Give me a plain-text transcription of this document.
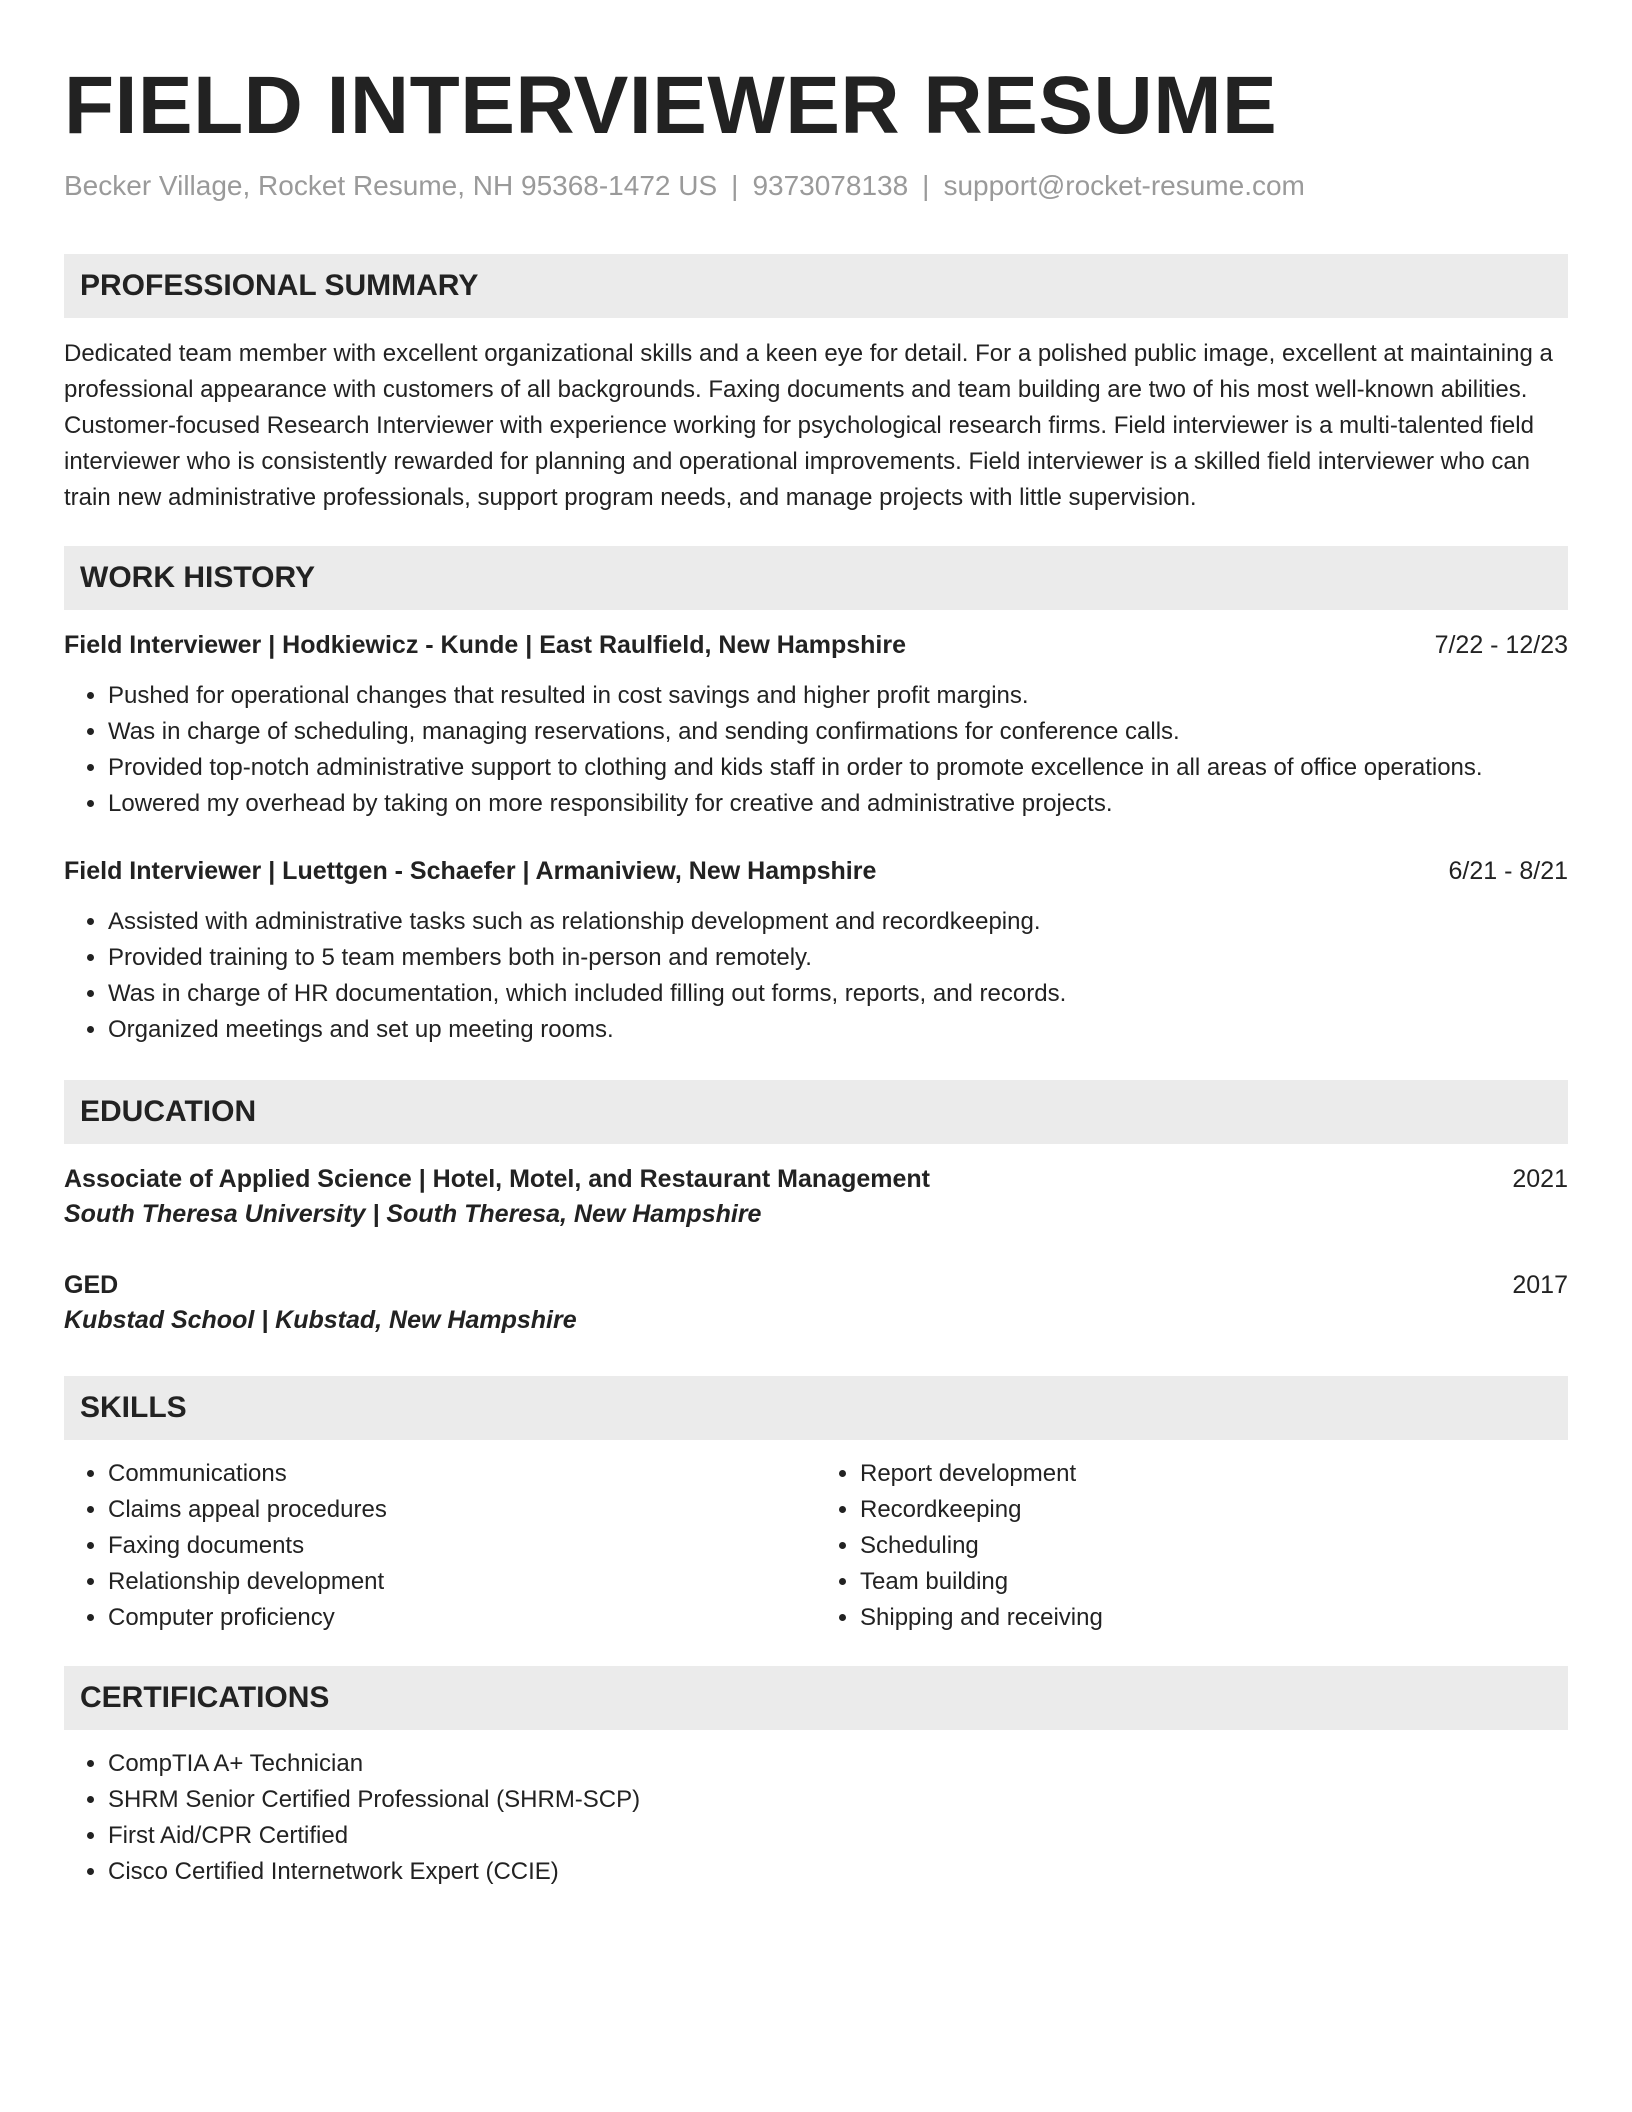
FIELD INTERVIEWER RESUME
Becker Village, Rocket Resume, NH 95368-1472 US | 9373078138 | support@rocket-resume.com
PROFESSIONAL SUMMARY

Dedicated team member with excellent organizational skills and a keen eye for detail. For a polished public image, excellent at maintaining a professional appearance with customers of all backgrounds. Faxing documents and team building are two of his most well-known abilities. Customer-focused Research Interviewer with experience working for psychological research firms. Field interviewer is a multi-talented field interviewer who is consistently rewarded for planning and operational improvements. Field interviewer is a skilled field interviewer who can train new administrative professionals, support program needs, and manage projects with little supervision.

WORK HISTORY
Field Interviewer | Hodkiewicz - Kunde | East Raulfield, New Hampshire	7/22 - 12/23
• Pushed for operational changes that resulted in cost savings and higher profit margins.
• Was in charge of scheduling, managing reservations, and sending confirmations for conference calls.
• Provided top-notch administrative support to clothing and kids staff in order to promote excellence in all areas of office operations.
• Lowered my overhead by taking on more responsibility for creative and administrative projects.
Field Interviewer | Luettgen - Schaefer | Armaniview, New Hampshire	6/21 - 8/21
• Assisted with administrative tasks such as relationship development and recordkeeping.
• Provided training to 5 team members both in-person and remotely.
• Was in charge of HR documentation, which included filling out forms, reports, and records.
• Organized meetings and set up meeting rooms.
EDUCATION
Associate of Applied Science | Hotel, Motel, and Restaurant Management	2021
South Theresa University | South Theresa, New Hampshire
GED	2017
Kubstad School | Kubstad, New Hampshire
SKILLS
• Communications
• Claims appeal procedures
• Faxing documents
• Relationship development
• Computer proficiency
• Report development
• Recordkeeping
• Scheduling
• Team building
• Shipping and receiving
CERTIFICATIONS
• CompTIA A+ Technician
• SHRM Senior Certified Professional (SHRM-SCP)
• First Aid/CPR Certified
• Cisco Certified Internetwork Expert (CCIE)
